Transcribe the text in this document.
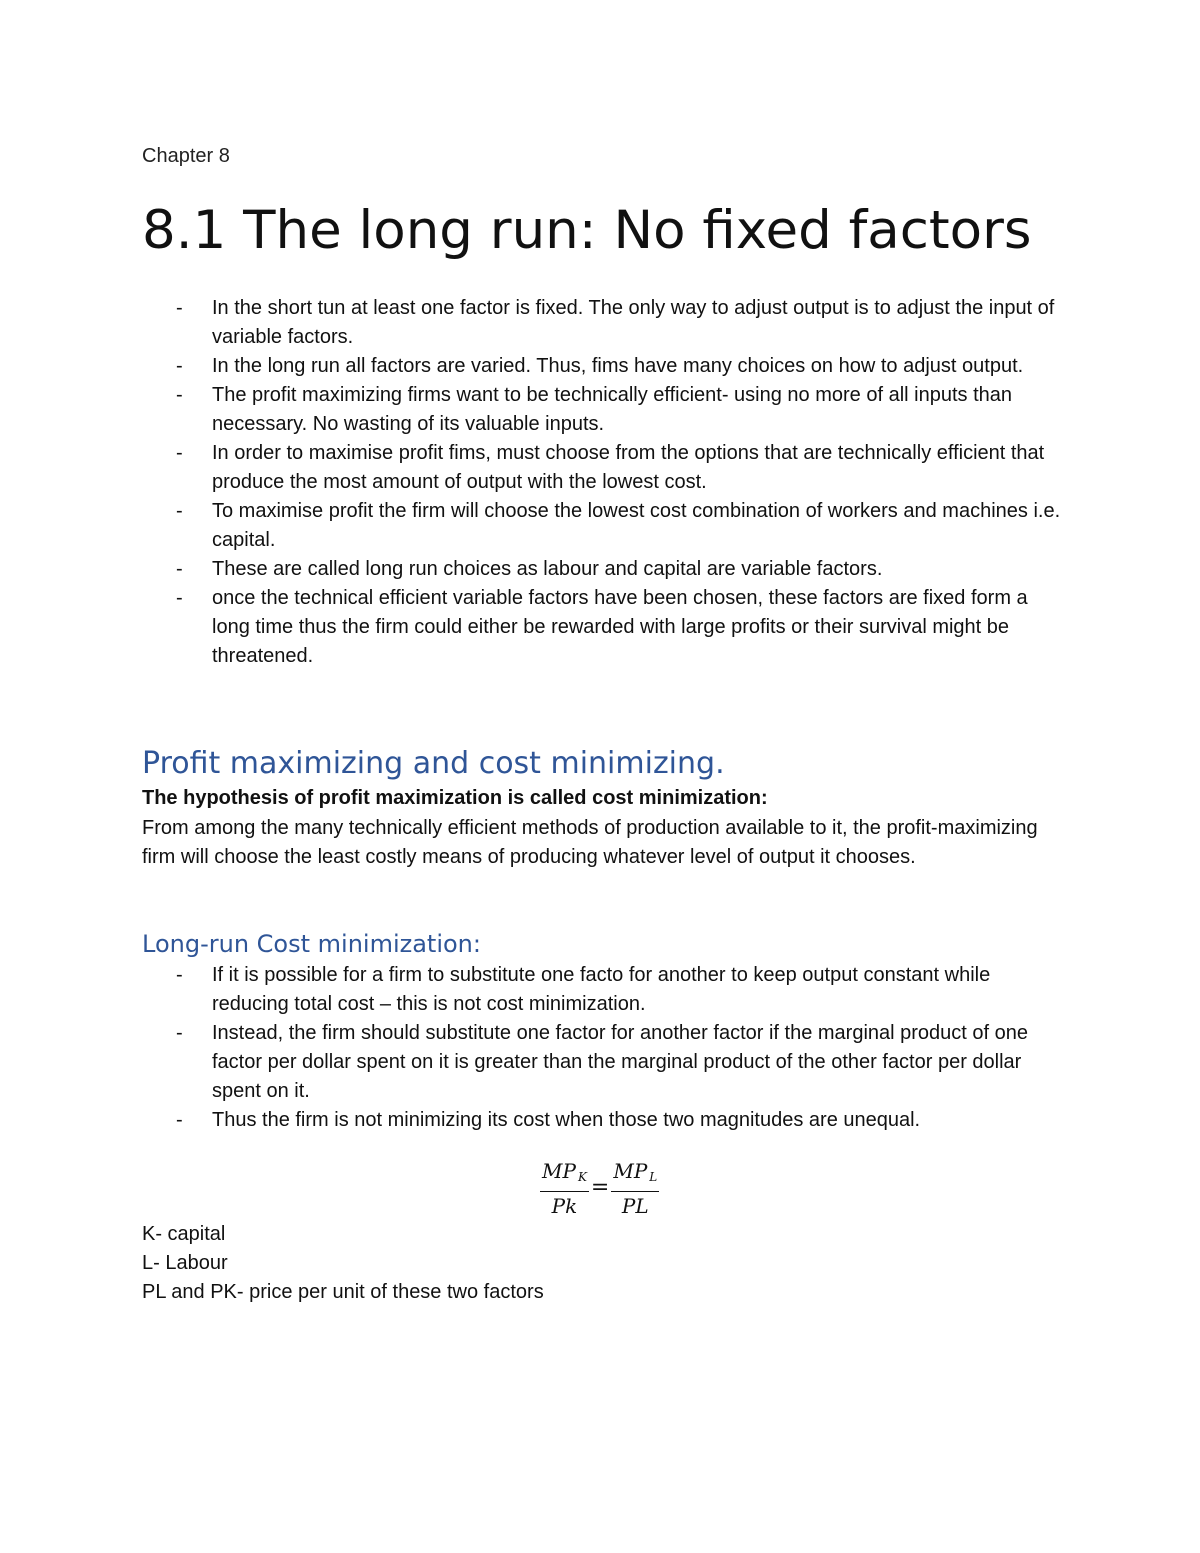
Chapter 8
8.1 The long run: No fixed factors
- In the short tun at least one factor is fixed. The only way to adjust output is to adjust the input of variable factors.
- In the long run all factors are varied. Thus, fims have many choices on how to adjust output.
- The profit maximizing firms want to be technically efficient- using no more of all inputs than necessary. No wasting of its valuable inputs.
- In order to maximise profit fims, must choose from the options that are technically efficient that produce the most amount of output with the lowest cost.
- To maximise profit the firm will choose the lowest cost combination of workers and machines i.e. capital.
- These are called long run choices as labour and capital are variable factors.
- once the technical efficient variable factors have been chosen, these factors are fixed form a long time thus the firm could either be rewarded with large profits or their survival might be threatened.
Profit maximizing and cost minimizing.
The hypothesis of profit maximization is called cost minimization:

From among the many technically efficient methods of production available to it, the profit-maximizing firm will choose the least costly means of producing whatever level of output it chooses.

Long-run Cost minimization:
- If it is possible for a firm to substitute one facto for another to keep output constant while reducing total cost – this is not cost minimization.
- Instead, the firm should substitute one factor for another factor if the marginal product of one factor per dollar spent on it is greater than the marginal product of the other factor per dollar spent on it.
- Thus the firm is not minimizing its cost when those two magnitudes are unequal.
$\frac{MP _K}{Pk} = \frac{MP _L}{PL}$
K- capital
L- Labour
PL and PK- price per unit of these two factors
